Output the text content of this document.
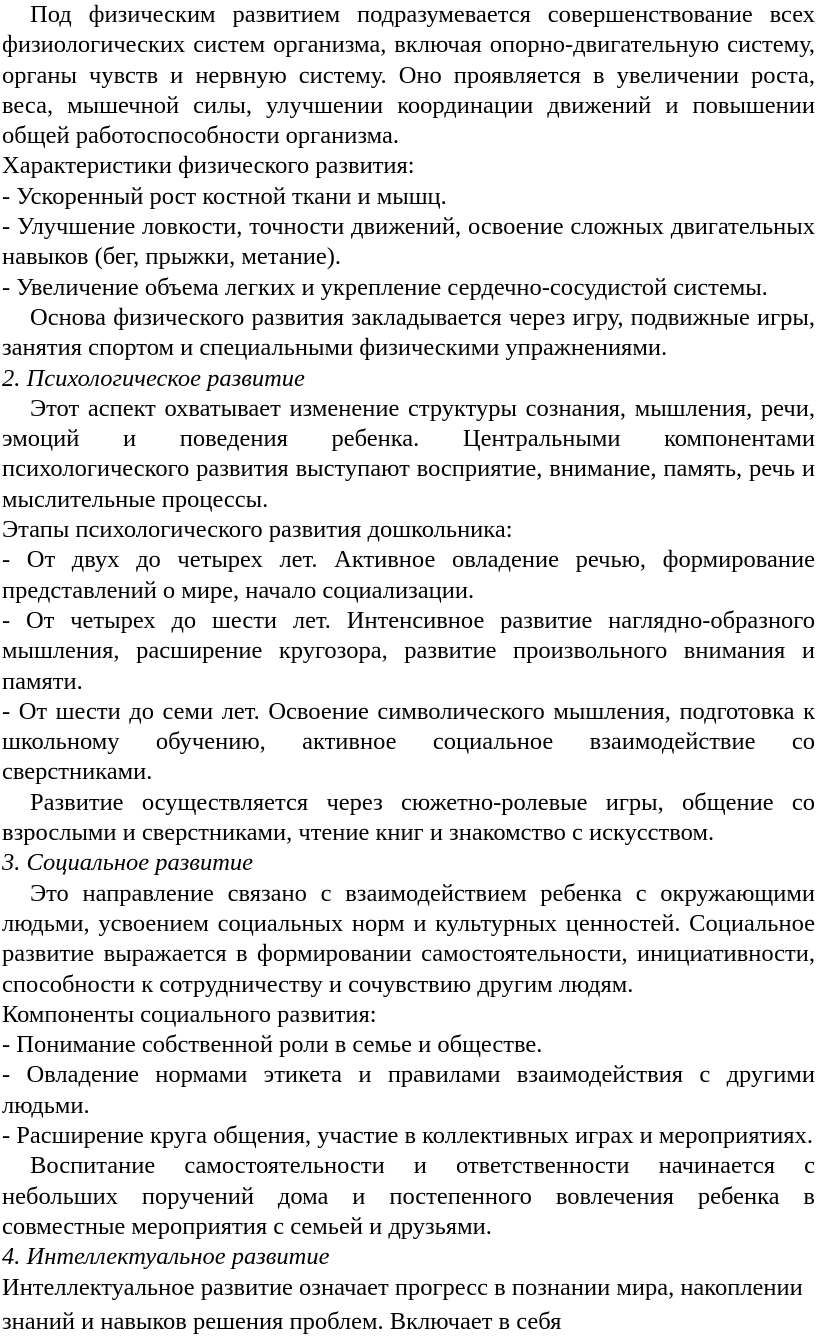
Под физическим развитием подразумевается совершенствование всех физиологических систем организма, включая опорно-двигательную систему, органы чувств и нервную систему. Оно проявляется в увеличении роста, веса, мышечной силы, улучшении координации движений и повышении общей работоспособности организма.

Характеристики физического развития:

- Ускоренный рост костной ткани и мышц.

- Улучшение ловкости, точности движений, освоение сложных двигательных навыков (бег, прыжки, метание).

- Увеличение объема легких и укрепление сердечно-сосудистой системы.

Основа физического развития закладывается через игру, подвижные игры, занятия спортом и специальными физическими упражнениями.

2. Психологическое развитие

Этот аспект охватывает изменение структуры сознания, мышления, речи, эмоций и поведения ребенка. Центральными компонентами психологического развития выступают восприятие, внимание, память, речь и мыслительные процессы.

Этапы психологического развития дошкольника:

- От двух до четырех лет. Активное овладение речью, формирование представлений о мире, начало социализации.

- От четырех до шести лет. Интенсивное развитие наглядно-образного мышления, расширение кругозора, развитие произвольного внимания и памяти.

- От шести до семи лет. Освоение символического мышления, подготовка к школьному обучению, активное социальное взаимодействие со сверстниками.

Развитие осуществляется через сюжетно-ролевые игры, общение со взрослыми и сверстниками, чтение книг и знакомство с искусством.

3. Социальное развитие

Это направление связано с взаимодействием ребенка с окружающими людьми, усвоением социальных норм и культурных ценностей. Социальное развитие выражается в формировании самостоятельности, инициативности, способности к сотрудничеству и сочувствию другим людям.

Компоненты социального развития:

- Понимание собственной роли в семье и обществе.

- Овладение нормами этикета и правилами взаимодействия с другими людьми.

- Расширение круга общения, участие в коллективных играх и мероприятиях.

Воспитание самостоятельности и ответственности начинается с небольших поручений дома и постепенного вовлечения ребенка в совместные мероприятия с семьей и друзьями.

4. Интеллектуальное развитие

Интеллектуальное развитие означает прогресс в познании мира, накоплении знаний и навыков решения проблем. Включает в себя
